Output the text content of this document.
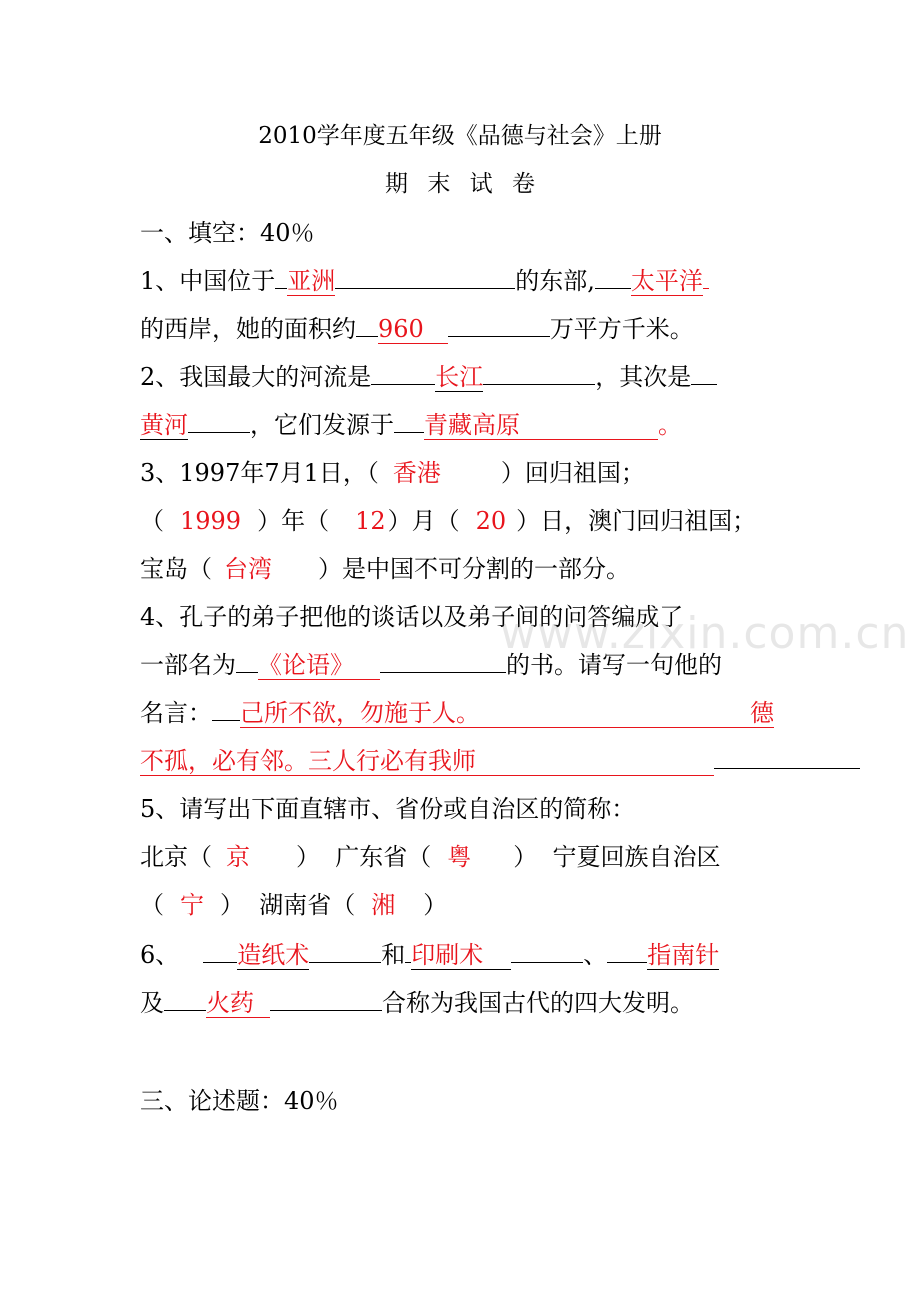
2010学年度五年级《品德与社会》上册
期 末 试 卷
一、填空：40％
1、中国位于 亚洲	的东部, 太平洋
的西岸，她的面积约 960	万平方千米。
2、我国最大的河流是	长江	，其次是
黄河	，它们发源于 青藏高原	。
3、1997年7月1日，（ 香港	）回归祖国；
（ 1999 ）年（ 12）月（ 20 ）日，澳门回归祖国；
宝岛（ 台湾 ）是中国不可分割的一部分。
4、孔子的弟子把他的谈话以及弟子间的问答编成了
一部名为 《论语》	的书。请写一句他的
名言： 己所不欲，勿施于人。	德
不孤，必有邻。三人行必有我师
5、请写出下面直辖市、省份或自治区的简称：
北京（ 京 ）  广东省（ 粤 ）  宁夏回族自治区
（ 宁 ）  湖南省（ 湘 ）
6、 造纸术	和 印刷术	、 指南针
及 火药	合称为我国古代的四大发明。
三、论述题：40％
www.zixin.com.cn
